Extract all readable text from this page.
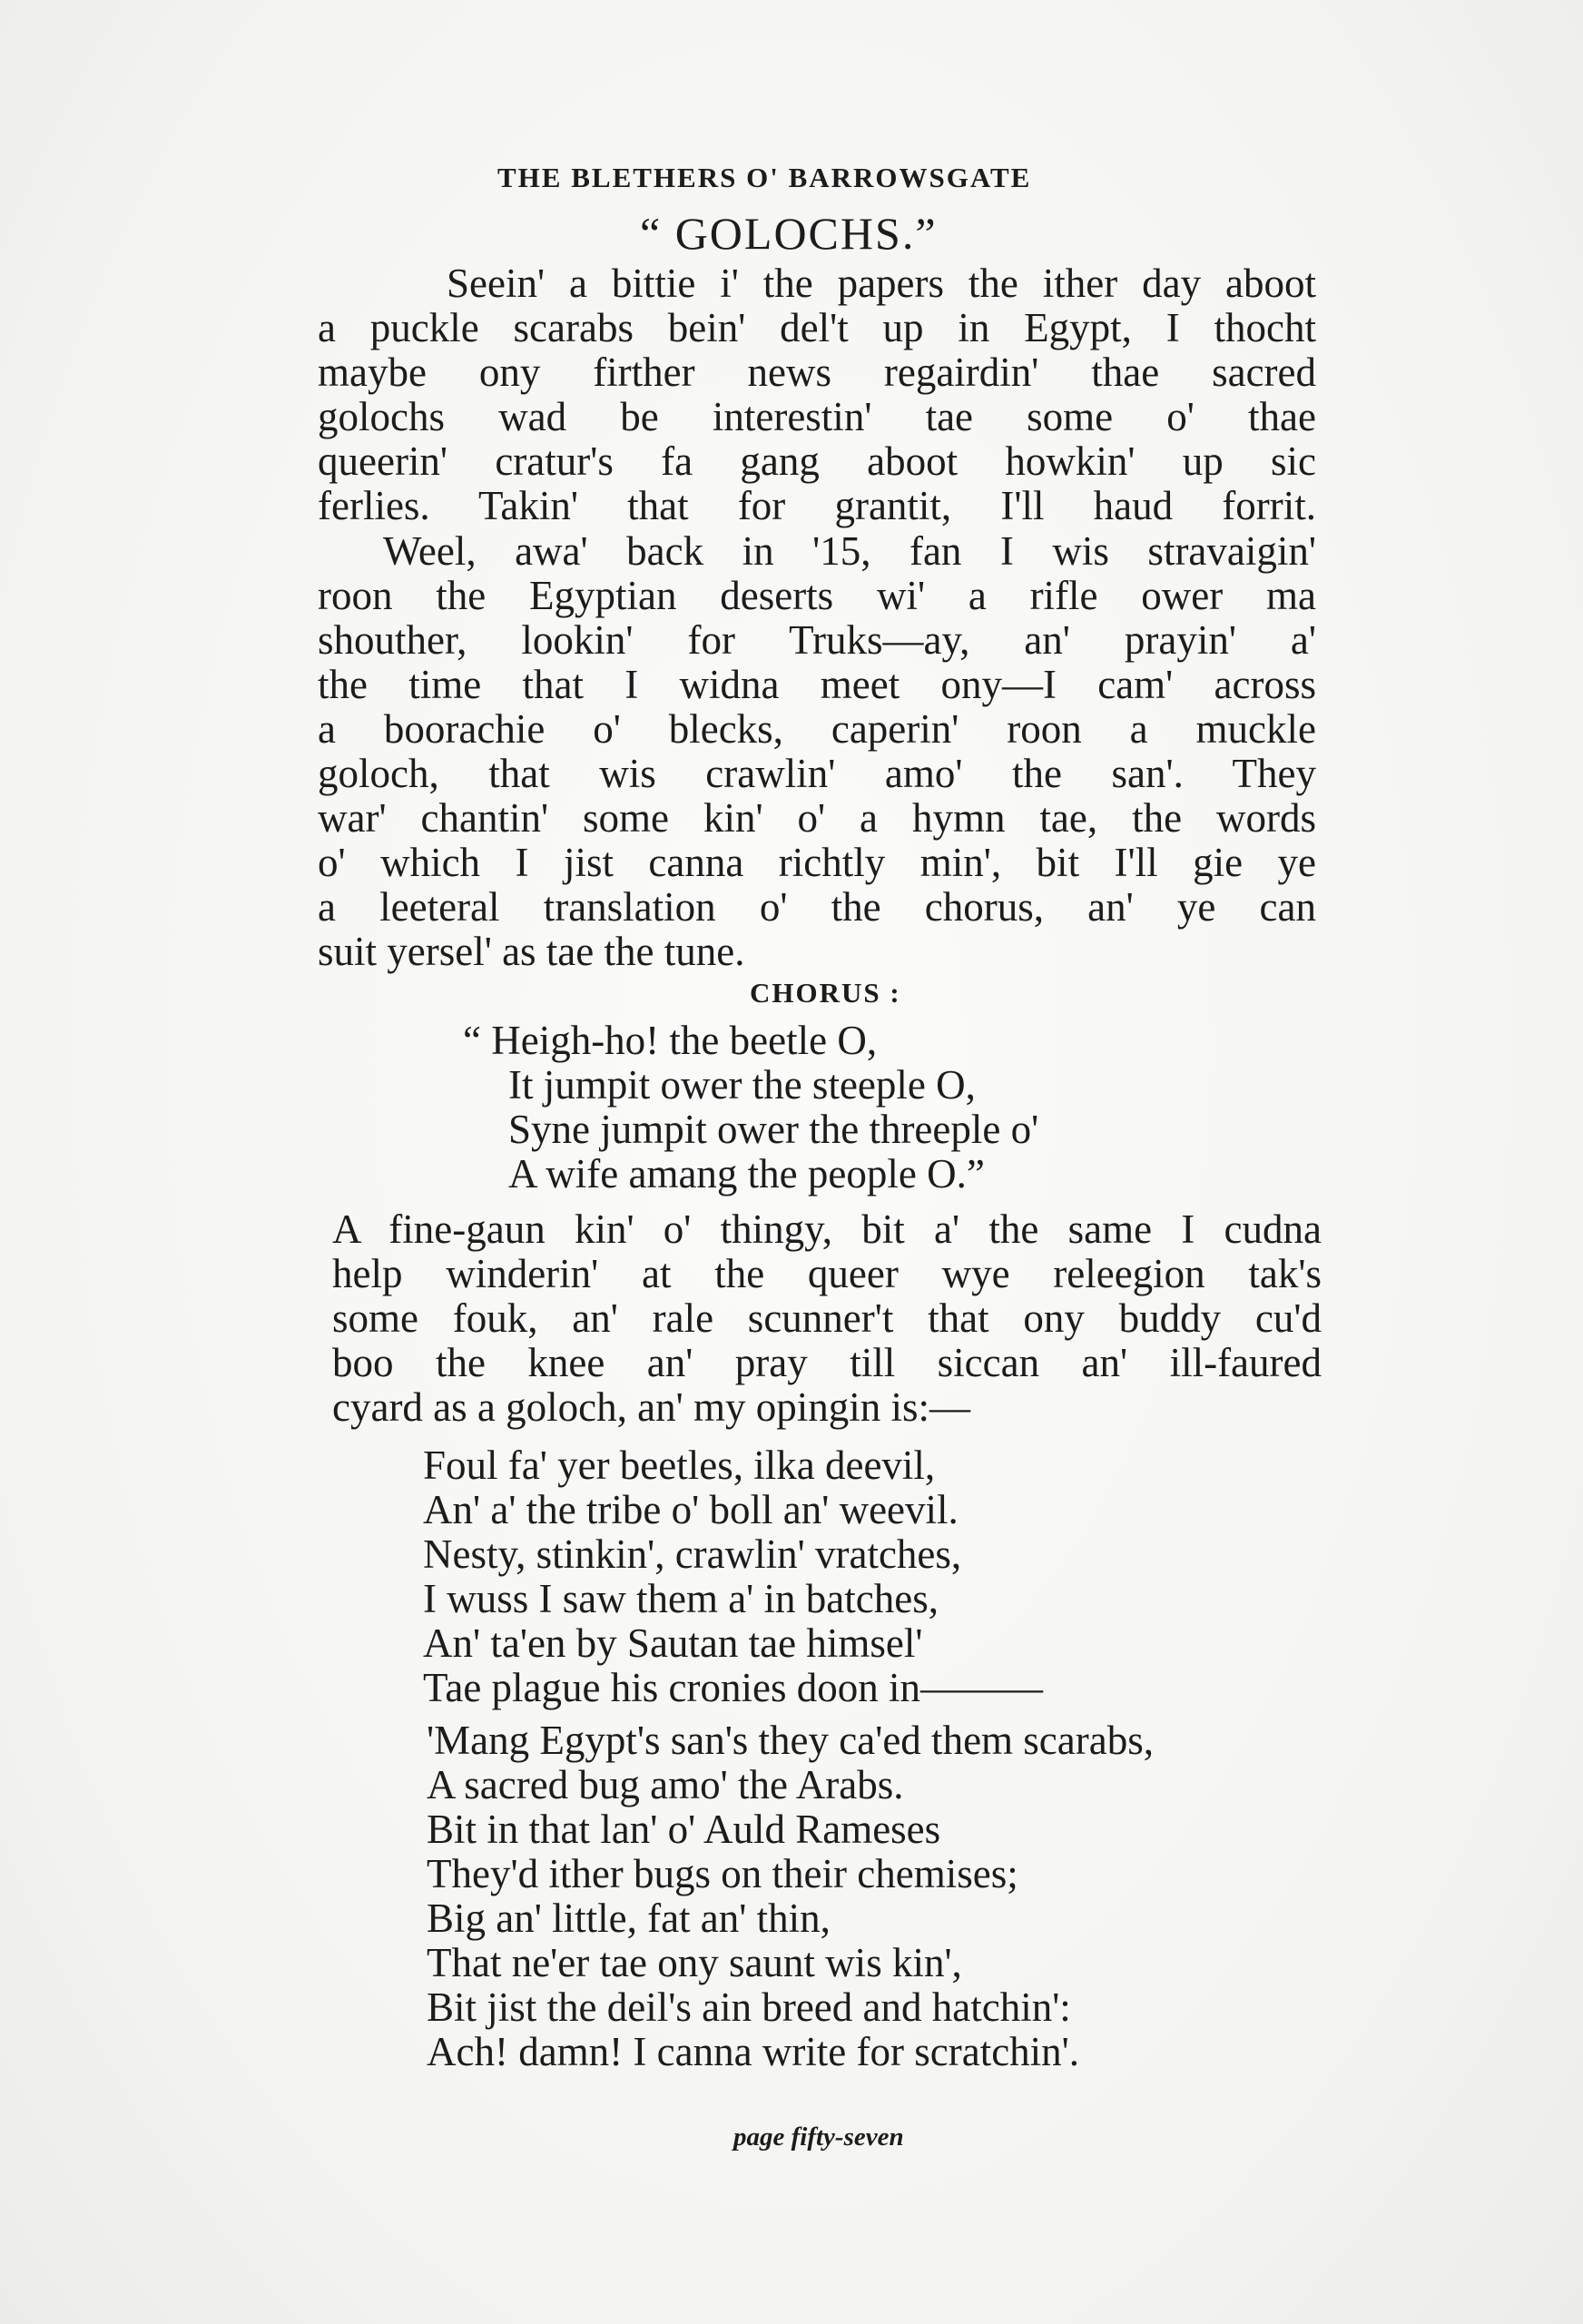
THE BLETHERS O' BARROWSGATE
“ GOLOCHS.”
Seein' a bittie i' the papers the ither day aboot
a puckle scarabs bein' del't up in Egypt, I thocht
maybe ony firther news regairdin' thae sacred
golochs wad be interestin' tae some o' thae
queerin' cratur's fa gang aboot howkin' up sic
ferlies. Takin' that for grantit, I'll haud forrit.
Weel, awa' back in '15, fan I wis stravaigin'
roon the Egyptian deserts wi' a rifle ower ma
shouther, lookin' for Truks—ay, an' prayin' a'
the time that I widna meet ony—I cam' across
a boorachie o' blecks, caperin' roon a muckle
goloch, that wis crawlin' amo' the san'. They
war' chantin' some kin' o' a hymn tae, the words
o' which I jist canna richtly min', bit I'll gie ye
a leeteral translation o' the chorus, an' ye can
suit yersel' as tae the tune.
CHORUS :
“ Heigh-ho! the beetle O,
It jumpit ower the steeple O,
Syne jumpit ower the threeple o'
A wife amang the people O.”
A fine-gaun kin' o' thingy, bit a' the same I cudna
help winderin' at the queer wye releegion tak's
some fouk, an' rale scunner't that ony buddy cu'd
boo the knee an' pray till siccan an' ill-faured
cyard as a goloch, an' my opingin is:—
Foul fa' yer beetles, ilka deevil,
An' a' the tribe o' boll an' weevil.
Nesty, stinkin', crawlin' vratches,
I wuss I saw them a' in batches,
An' ta'en by Sautan tae himsel'
Tae plague his cronies doon in———
'Mang Egypt's san's they ca'ed them scarabs,
A sacred bug amo' the Arabs.
Bit in that lan' o' Auld Rameses
They'd ither bugs on their chemises;
Big an' little, fat an' thin,
That ne'er tae ony saunt wis kin',
Bit jist the deil's ain breed and hatchin':
Ach! damn! I canna write for scratchin'.
page fifty-seven
